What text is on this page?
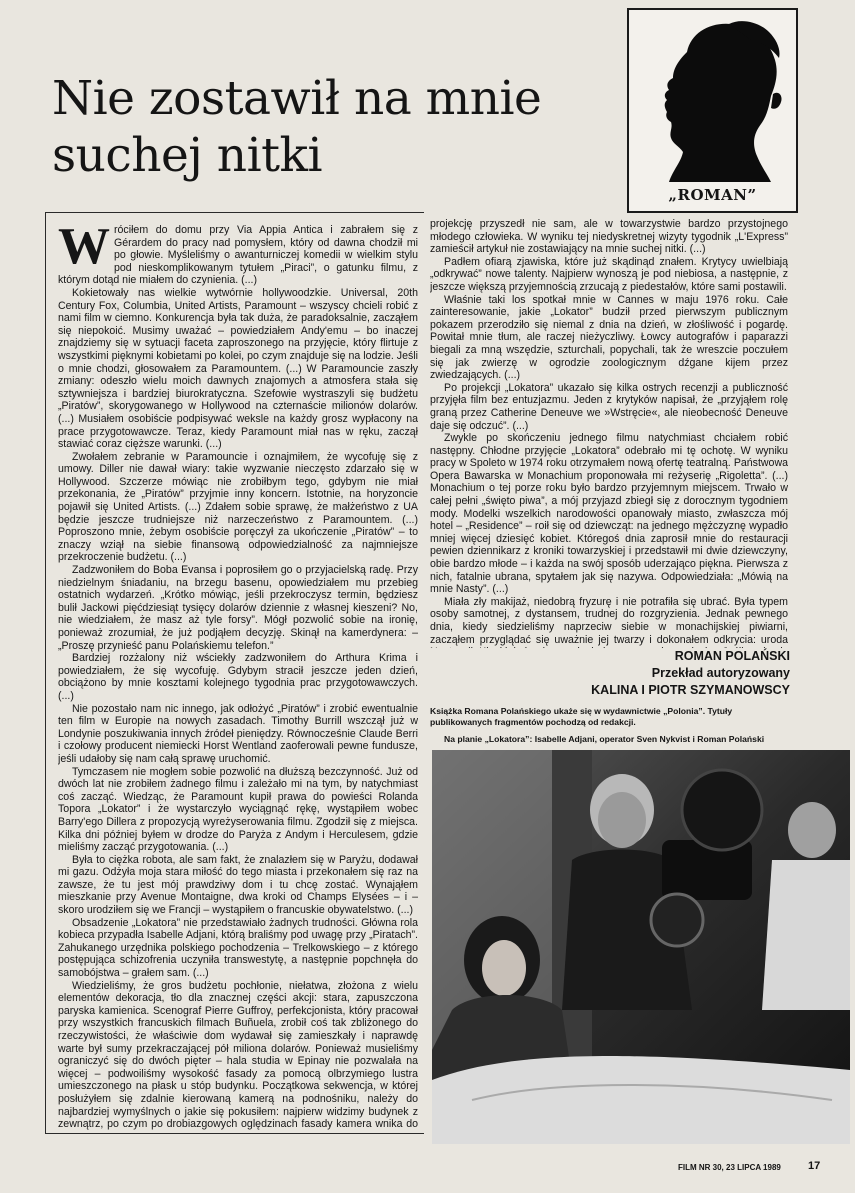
Nie zostawił na mnie
suchej nitki
„ROMAN”

Wróciłem do domu przy Via Appia Antica i zabrałem się z Gérardem do pracy nad pomysłem, który od dawna chodził mi po głowie. Myśleliśmy o awanturniczej komedii w wielkim stylu pod nieskomplikowanym tytułem „Piraci”, o gatunku filmu, z którym dotąd nie miałem do czynienia. (...)

Kokietowały nas wielkie wytwórnie hollywoodzkie. Universal, 20th Century Fox, Columbia, United Artists, Paramount – wszyscy chcieli robić z nami film w ciemno. Konkurencja była tak duża, że paradoksalnie, zacząłem się niepokoić. Musimy uważać – powiedziałem Andy'emu – bo inaczej znajdziemy się w sytuacji faceta zaproszonego na przyjęcie, który flirtuje z wszystkimi pięknymi kobietami po kolei, po czym znajduje się na lodzie. Jeśli o mnie chodzi, głosowałem za Paramountem. (...) W Paramouncie zaszły zmiany: odeszło wielu moich dawnych znajomych a atmosfera stała się sztywniejsza i bardziej biurokratyczna. Szefowie wystraszyli się budżetu „Piratów”, skorygowanego w Hollywood na czternaście milionów dolarów. (...) Musiałem osobiście podpisywać weksle na każdy grosz wypłacony na prace przygotowawcze. Teraz, kiedy Paramount miał nas w ręku, zaczął stawiać coraz cięższe warunki. (...)

Zwołałem zebranie w Paramouncie i oznajmiłem, że wycofuję się z umowy. Diller nie dawał wiary: takie wyzwanie nieczęsto zdarzało się w Hollywood. Szczerze mówiąc nie zrobiłbym tego, gdybym nie miał przekonania, że „Piratów” przyjmie inny koncern. Istotnie, na horyzoncie pojawił się United Artists. (...) Zdałem sobie sprawę, że małżeństwo z UA będzie jeszcze trudniejsze niż narzeczeństwo z Paramountem. (...) Poproszono mnie, żebym osobiście poręczył za ukończenie „Piratów” – to znaczy wziął na siebie finansową odpowiedzialność za najmniejsze przekroczenie budżetu. (...)

Zadzwoniłem do Boba Evansa i poprosiłem go o przyjacielską radę. Przy niedzielnym śniadaniu, na brzegu basenu, opowiedziałem mu przebieg ostatnich wydarzeń. „Krótko mówiąc, jeśli przekroczysz termin, będziesz bulił Jackowi pięćdziesiąt tysięcy dolarów dziennie z własnej kieszeni? No, nie wiedziałem, że masz aż tyle forsy”. Mógł pozwolić sobie na ironię, ponieważ zrozumiał, że już podjąłem decyzję. Skinął na kamerdynera: – „Proszę przynieść panu Polańskiemu telefon.”

Bardziej rozżalony niż wściekły zadzwoniłem do Arthura Krima i powiedziałem, że się wycofuję. Gdybym stracił jeszcze jeden dzień, obciążono by mnie kosztami kolejnego tygodnia prac przygotowawczych. (...)

Nie pozostało nam nic innego, jak odłożyć „Piratów” i zrobić ewentualnie ten film w Europie na nowych zasadach. Timothy Burrill wszczął już w Londynie poszukiwania innych źródeł pieniędzy. Równocześnie Claude Berri i czołowy producent niemiecki Horst Wentland zaoferowali pewne fundusze, jeśli udałoby się nam całą sprawę uruchomić.

Tymczasem nie mogłem sobie pozwolić na dłuższą bezczynność. Już od dwóch lat nie zrobiłem żadnego filmu i zależało mi na tym, by natychmiast coś zacząć. Wiedząc, że Paramount kupił prawa do powieści Rolanda Topora „Lokator” i że wystarczyło wyciągnąć rękę, wystąpiłem wobec Barry'ego Dillera z propozycją wyreżyserowania filmu. Zgodził się z miejsca. Kilka dni później byłem w drodze do Paryża z Andym i Herculesem, gdzie mieliśmy zacząć przygotowania. (...)

Była to ciężka robota, ale sam fakt, że znalazłem się w Paryżu, dodawał mi gazu. Odżyła moja stara miłość do tego miasta i przekonałem się raz na zawsze, że tu jest mój prawdziwy dom i tu chcę zostać. Wynająłem mieszkanie przy Avenue Montaigne, dwa kroki od Champs Elysées – i – skoro urodziłem się we Francji – wystąpiłem o francuskie obywatelstwo. (...)

Obsadzenie „Lokatora” nie przedstawiało żadnych trudności. Główna rola kobieca przypadła Isabelle Adjani, którą braliśmy pod uwagę przy „Piratach”. Zahukanego urzędnika polskiego pochodzenia – Trelkowskiego – z którego postępująca schizofrenia uczyniła transwestytę, a następnie popchnęła do samobójstwa – grałem sam. (...)

Wiedzieliśmy, że gros budżetu pochłonie, niełatwa, złożona z wielu elementów dekoracja, tło dla znacznej części akcji: stara, zapuszczona paryska kamienica. Scenograf Pierre Guffroy, perfekcjonista, który pracował przy wszystkich francuskich filmach Buñuela, zrobił coś tak zbliżonego do rzeczywistości, że właściwie dom wydawał się zamieszkały i naprawdę warte był sumy przekraczającej pół miliona dolarów. Ponieważ musieliśmy ograniczyć się do dwóch pięter – hala studia w Epinay nie pozwalała na więcej – podwoiliśmy wysokość fasady za pomocą olbrzymiego lustra umieszczonego na płask u stóp budynku. Początkowa sekwencja, w której posłużyłem się zdalnie kierowaną kamerą na podnośniku, należy do najbardziej wymyślnych o jakie się pokusiłem: najpierw widzimy budynek z zewnątrz, po czym po drobiazgowych oględzinach fasady kamera wnika do

projekcję przyszedł nie sam, ale w towarzystwie bardzo przystojnego młodego człowieka. W wyniku tej niedyskretnej wizyty tygodnik „L'Express” zamieścił artykuł nie zostawiający na mnie suchej nitki. (...)

Padłem ofiarą zjawiska, które już skądinąd znałem. Krytycy uwielbiają „odkrywać” nowe talenty. Najpierw wynoszą je pod niebiosa, a następnie, z jeszcze większą przyjemnością zrzucają z piedestałów, które sami postawili.

Właśnie taki los spotkał mnie w Cannes w maju 1976 roku. Całe zainteresowanie, jakie „Lokator” budził przed pierwszym publicznym pokazem przerodziło się niemal z dnia na dzień, w złośliwość i pogardę. Powitał mnie tłum, ale raczej nieżyczliwy. Łowcy autografów i paparazzi biegali za mną wszędzie, szturchali, popychali, tak że wreszcie poczułem się jak zwierzę w ogrodzie zoologicznym dźgane kijem przez zwiedzających. (...)

Po projekcji „Lokatora” ukazało się kilka ostrych recenzji a publiczność przyjęła film bez entuzjazmu. Jeden z krytyków napisał, że „przyjąłem rolę graną przez Catherine Deneuve we »Wstręcie«, ale nieobecność Deneuve daje się odczuć”. (...)

Zwykle po skończeniu jednego filmu natychmiast chciałem robić następny. Chłodne przyjęcie „Lokatora” odebrało mi tę ochotę. W wyniku pracy w Spoleto w 1974 roku otrzymałem nową ofertę teatralną. Państwowa Opera Bawarska w Monachium proponowała mi reżyserię „Rigoletta”. (...) Monachium o tej porze roku było bardzo przyjemnym miejscem. Trwało w całej pełni „święto piwa”, a mój przyjazd zbiegł się z dorocznym tygodniem mody. Modelki wszelkich narodowości opanowały miasto, zwłaszcza mój hotel – „Residence” – roił się od dziewcząt: na jednego mężczyznę wypadło mniej więcej dziesięć kobiet. Któregoś dnia zaprosił mnie do restauracji pewien dziennikarz z kroniki towarzyskiej i przedstawił mi dwie dziewczyny, obie bardzo młode – i każda na swój sposób uderzająco piękna. Pierwsza z nich, fatalnie ubrana, spytałem jak się nazywa. Odpowiedziała: „Mówią na mnie Nasty”. (...)

Miała zły makijaż, niedobrą fryzurę i nie potrafiła się ubrać. Była typem osoby samotnej, z dystansem, trudnej do rozgryzienia. Jednak pewnego dnia, kiedy siedzieliśmy naprzeciw siebie w monachijskiej piwiarni, zacząłem przyglądać się uważnie jej twarzy i dokonałem odkrycia: uroda

ROMAN POLAŃSKI
Przekład autoryzowany
KALINA I PIOTR SZYMANOWSCY
Książka Romana Polańskiego ukaże się w wydawnictwie „Polonia”. Tytuły publikowanych fragmentów pochodzą od redakcji.
Na planie „Lokatora”: Isabelle Adjani, operator Sven Nykvist i Roman Polański
FILM NR 30, 23 LIPCA 1989	17
